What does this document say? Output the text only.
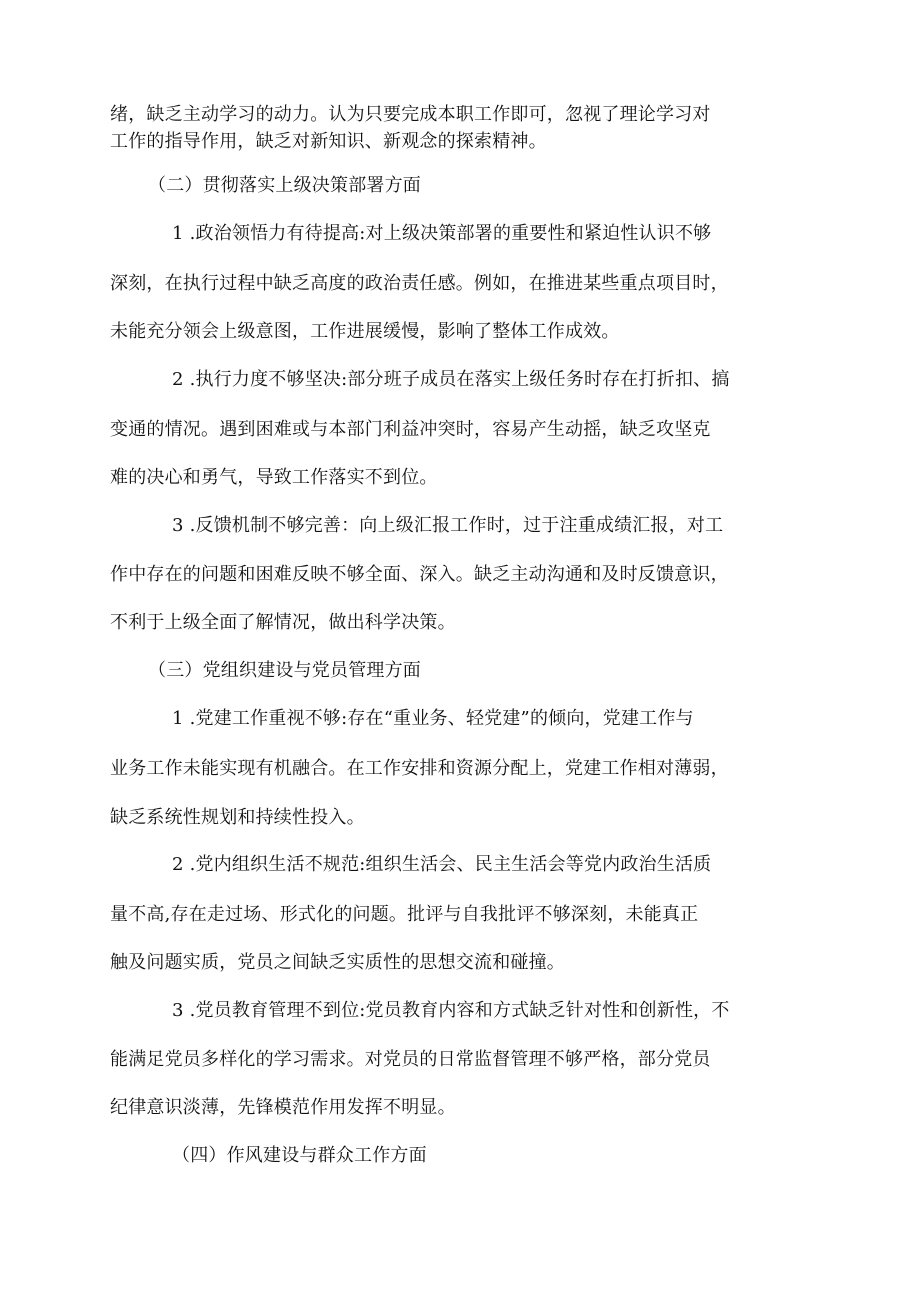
绪，缺乏主动学习的动力。认为只要完成本职工作即可，忽视了理论学习对
工作的指导作用，缺乏对新知识、新观念的探索精神。
（二）贯彻落实上级决策部署方面
1 .政治领悟力有待提高:对上级决策部署的重要性和紧迫性认识不够
深刻，在执行过程中缺乏高度的政治责任感。例如，在推进某些重点项目时，
未能充分领会上级意图，工作进展缓慢，影响了整体工作成效。
2 .执行力度不够坚决:部分班子成员在落实上级任务时存在打折扣、搞
变通的情况。遇到困难或与本部门利益冲突时，容易产生动摇，缺乏攻坚克
难的决心和勇气，导致工作落实不到位。
3 .反馈机制不够完善：向上级汇报工作时，过于注重成绩汇报，对工
作中存在的问题和困难反映不够全面、深入。缺乏主动沟通和及时反馈意识，
不利于上级全面了解情况，做出科学决策。
（三）党组织建设与党员管理方面
1 .党建工作重视不够:存在“重业务、轻党建”的倾向，党建工作与
业务工作未能实现有机融合。在工作安排和资源分配上，党建工作相对薄弱，
缺乏系统性规划和持续性投入。
2 .党内组织生活不规范:组织生活会、民主生活会等党内政治生活质
量不高,存在走过场、形式化的问题。批评与自我批评不够深刻，未能真正
触及问题实质，党员之间缺乏实质性的思想交流和碰撞。
3 .党员教育管理不到位:党员教育内容和方式缺乏针对性和创新性，不
能满足党员多样化的学习需求。对党员的日常监督管理不够严格，部分党员
纪律意识淡薄，先锋模范作用发挥不明显。
（四）作风建设与群众工作方面
